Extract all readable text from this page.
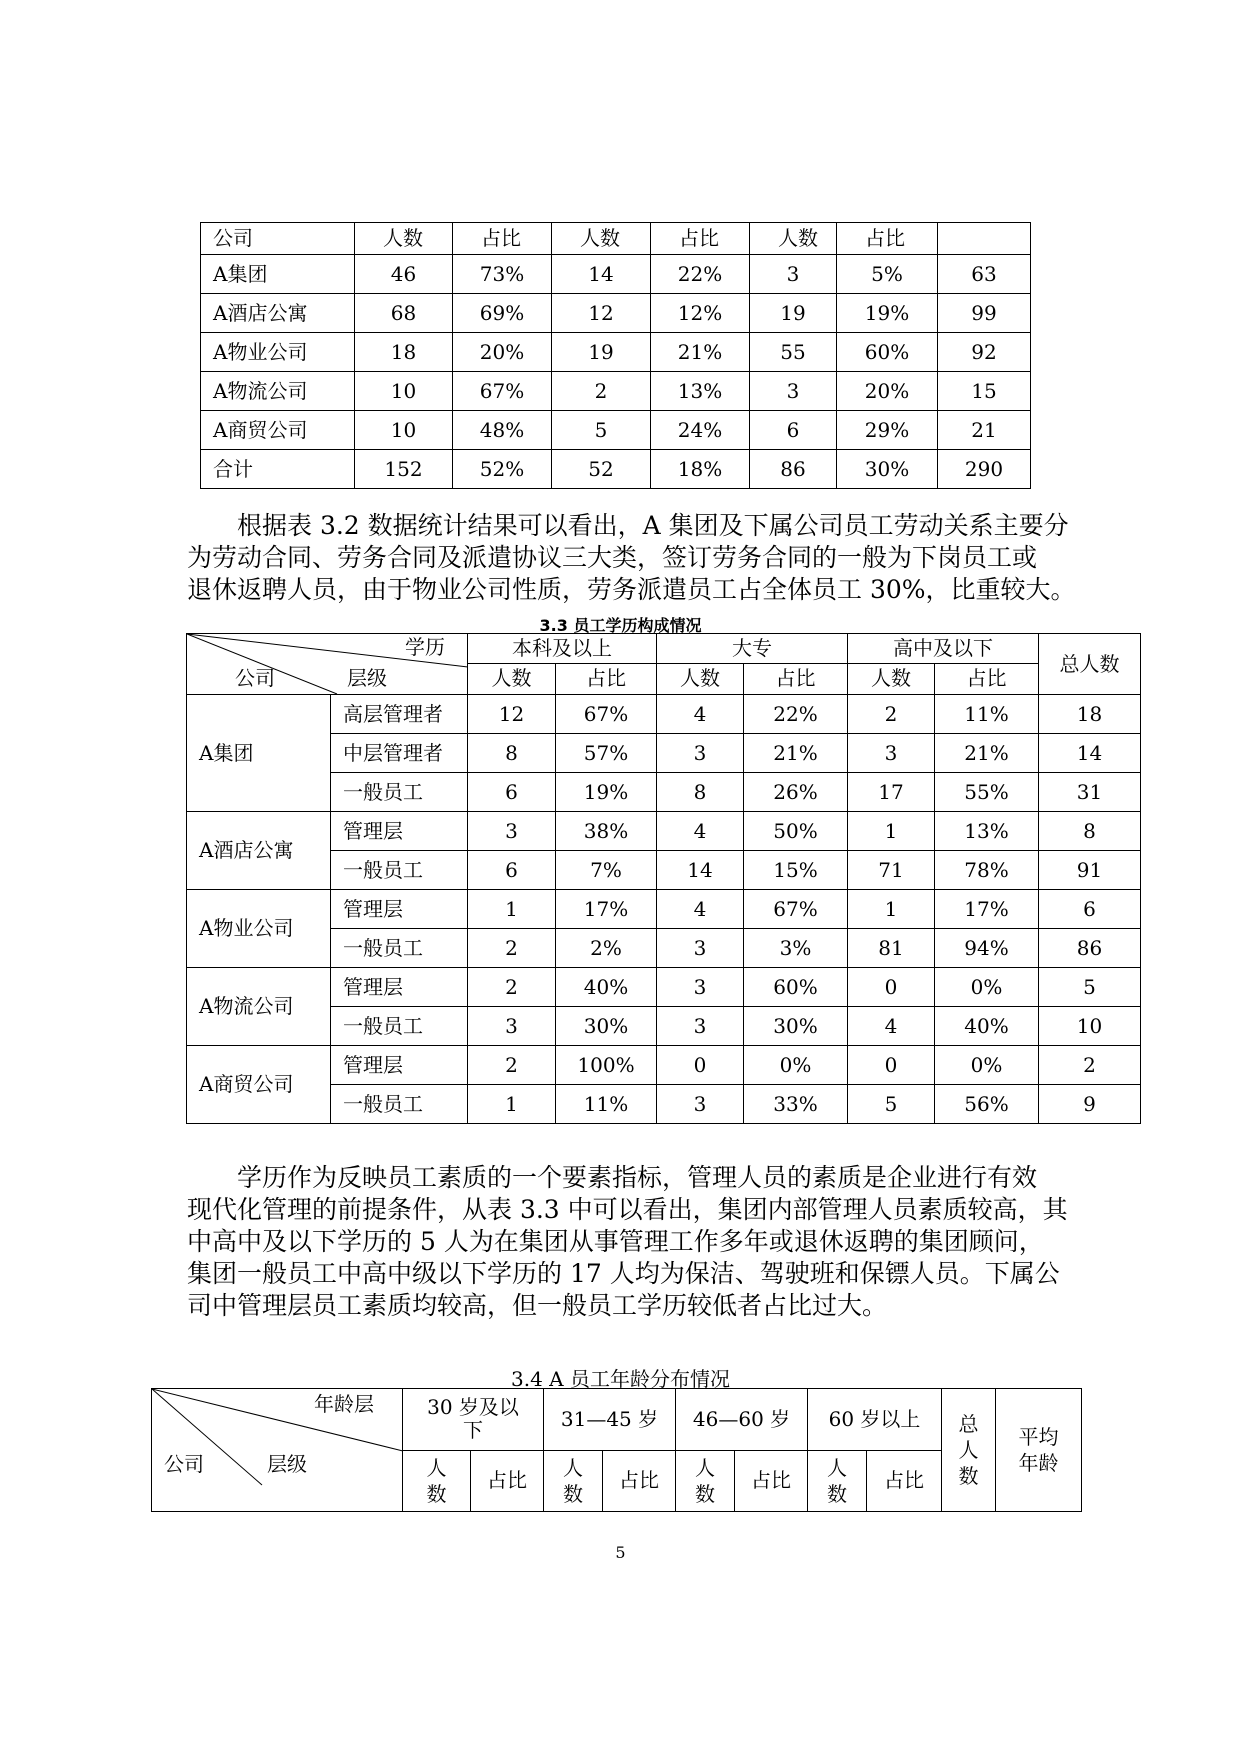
公司	人数	占比	人数	占比	人数	占比	
A集团	46	73%	14	22%	3	5%	63
A酒店公寓	68	69%	12	12%	19	19%	99
A物业公司	18	20%	19	21%	55	60%	92
A物流公司	10	67%	2	13%	3	20%	15
A商贸公司	10	48%	5	24%	6	29%	21
合计	152	52%	52	18%	86	30%	290
根据表 3.2 数据统计结果可以看出，A 集团及下属公司员工劳动关系主要分
为劳动合同、劳务合同及派遣协议三大类，签订劳务合同的一般为下岗员工或
退休返聘人员，由于物业公司性质，劳务派遣员工占全体员工 30%，比重较大。

3.3 员工学历构成情况

学历
公司 层级		本科及以上		大专		高中及以下		总人数
		人数	占比	人数	占比	人数	占比	
A集团	高层管理者	12	67%	4	22%	2	11%	18
	中层管理者	8	57%	3	21%	3	21%	14
	一般员工	6	19%	8	26%	17	55%	31
A酒店公寓	管理层	3	38%	4	50%	1	13%	8
	一般员工	6	7%	14	15%	71	78%	91
A物业公司	管理层	1	17%	4	67%	1	17%	6
	一般员工	2	2%	3	3%	81	94%	86
A物流公司	管理层	2	40%	3	60%	0	0%	5
	一般员工	3	30%	3	30%	4	40%	10
A商贸公司	管理层	2	100%	0	0%	0	0%	2
	一般员工	1	11%	3	33%	5	56%	9
学历作为反映员工素质的一个要素指标，管理人员的素质是企业进行有效
现代化管理的前提条件，从表 3.3 中可以看出，集团内部管理人员素质较高，其
中高中及以下学历的 5 人为在集团从事管理工作多年或退休返聘的集团顾问，
集团一般员工中高中级以下学历的 17 人均为保洁、驾驶班和保镖人员。下属公
司中管理层员工素质均较高，但一般员工学历较低者占比过大。

3.4 A 员工年龄分布情况

年龄层
公司 层级	30 岁及以下		31—45 岁		46—60 岁		60 岁以上		总人数	平均年龄

	人数	占比	人数	占比	人数	占比	人数	占比		

5
